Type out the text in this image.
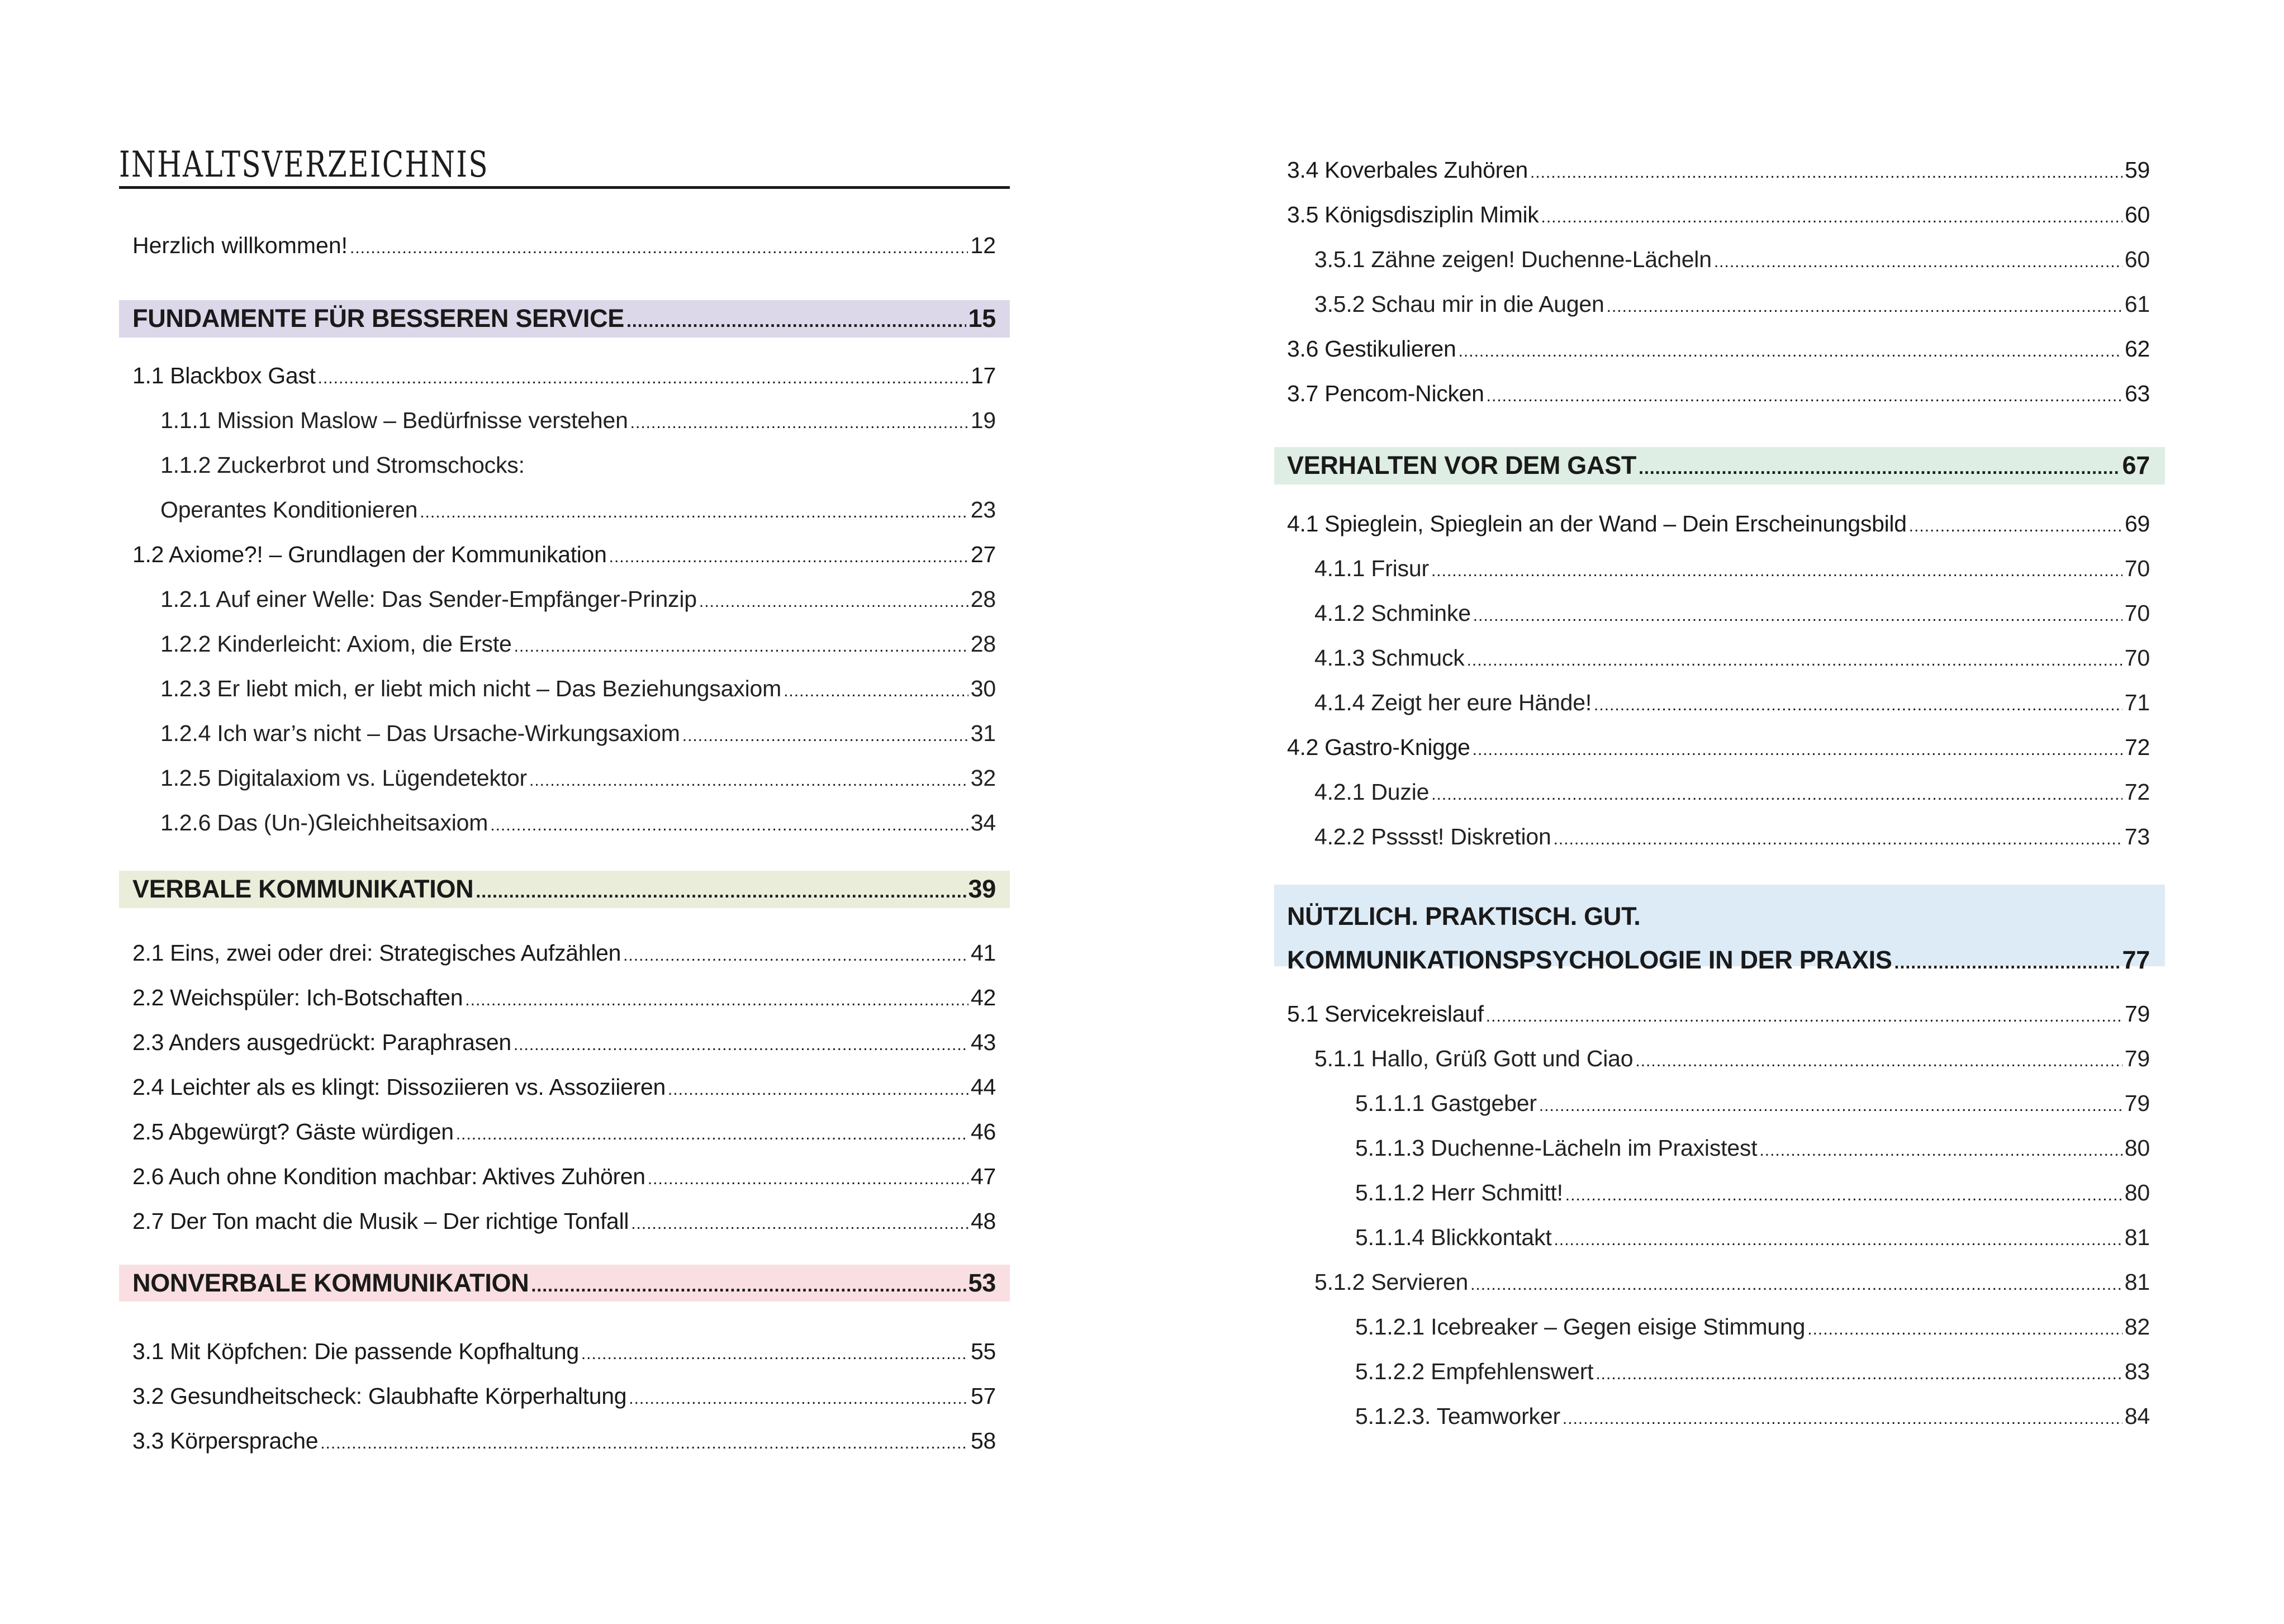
INHALTSVERZEICHNIS
Herzlich willkommen! .....	12
FUNDAMENTE FÜR BESSEREN SERVICE .....	15
1.1 Blackbox Gast .....	17
1.1.1 Mission Maslow – Bedürfnisse verstehen .....	19
1.1.2 Zuckerbrot und Stromschocks:
Operantes Konditionieren .....	23
1.2 Axiome?! – Grundlagen der Kommunikation .....	27
1.2.1 Auf einer Welle: Das Sender-Empfänger-Prinzip .....	28
1.2.2 Kinderleicht: Axiom, die Erste .....	28
1.2.3 Er liebt mich, er liebt mich nicht – Das Beziehungsaxiom .....	30
1.2.4 Ich war’s nicht – Das Ursache-Wirkungsaxiom .....	31
1.2.5 Digitalaxiom vs. Lügendetektor .....	32
1.2.6 Das (Un-)Gleichheitsaxiom .....	34
VERBALE KOMMUNIKATION .....	39
2.1 Eins, zwei oder drei: Strategisches Aufzählen .....	41
2.2 Weichspüler: Ich-Botschaften .....	42
2.3 Anders ausgedrückt: Paraphrasen .....	43
2.4 Leichter als es klingt: Dissoziieren vs. Assoziieren .....	44
2.5 Abgewürgt? Gäste würdigen .....	46
2.6 Auch ohne Kondition machbar: Aktives Zuhören .....	47
2.7 Der Ton macht die Musik – Der richtige Tonfall .....	48
NONVERBALE KOMMUNIKATION .....	53
3.1 Mit Köpfchen: Die passende Kopfhaltung .....	55
3.2 Gesundheitscheck: Glaubhafte Körperhaltung .....	57
3.3 Körpersprache .....	58
3.4 Koverbales Zuhören .....	59
3.5 Königsdisziplin Mimik .....	60
3.5.1 Zähne zeigen! Duchenne-Lächeln .....	60
3.5.2 Schau mir in die Augen .....	61
3.6 Gestikulieren .....	62
3.7 Pencom-Nicken .....	63
VERHALTEN VOR DEM GAST .....	67
4.1 Spieglein, Spieglein an der Wand – Dein Erscheinungsbild .....	69
4.1.1 Frisur .....	70
4.1.2 Schminke .....	70
4.1.3 Schmuck .....	70
4.1.4 Zeigt her eure Hände! .....	71
4.2 Gastro-Knigge .....	72
4.2.1 Duzie .....	72
4.2.2 Psssst! Diskretion .....	73
NÜTZLICH. PRAKTISCH. GUT.
KOMMUNIKATIONSPSYCHOLOGIE IN DER PRAXIS .....	77
5.1 Servicekreislauf .....	79
5.1.1 Hallo, Grüß Gott und Ciao .....	79
5.1.1.1 Gastgeber .....	79
5.1.1.3 Duchenne-Lächeln im Praxistest .....	80
5.1.1.2 Herr Schmitt! .....	80
5.1.1.4 Blickkontakt .....	81
5.1.2 Servieren .....	81
5.1.2.1 Icebreaker – Gegen eisige Stimmung .....	82
5.1.2.2 Empfehlenswert .....	83
5.1.2.3. Teamworker .....	84
